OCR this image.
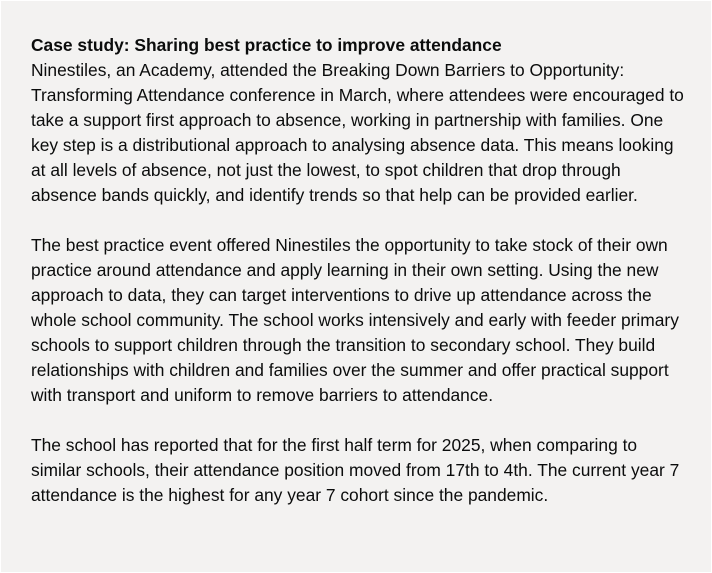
Case study: Sharing best practice to improve attendance

Ninestiles, an Academy, attended the Breaking Down Barriers to Opportunity: Transforming Attendance conference in March, where attendees were encouraged to take a support first approach to absence, working in partnership with families. One key step is a distributional approach to analysing absence data. This means looking at all levels of absence, not just the lowest, to spot children that drop through absence bands quickly, and identify trends so that help can be provided earlier.

The best practice event offered Ninestiles the opportunity to take stock of their own practice around attendance and apply learning in their own setting. Using the new approach to data, they can target interventions to drive up attendance across the whole school community. The school works intensively and early with feeder primary schools to support children through the transition to secondary school. They build relationships with children and families over the summer and offer practical support with transport and uniform to remove barriers to attendance.

The school has reported that for the first half term for 2025, when comparing to similar schools, their attendance position moved from 17th to 4th. The current year 7 attendance is the highest for any year 7 cohort since the pandemic.
